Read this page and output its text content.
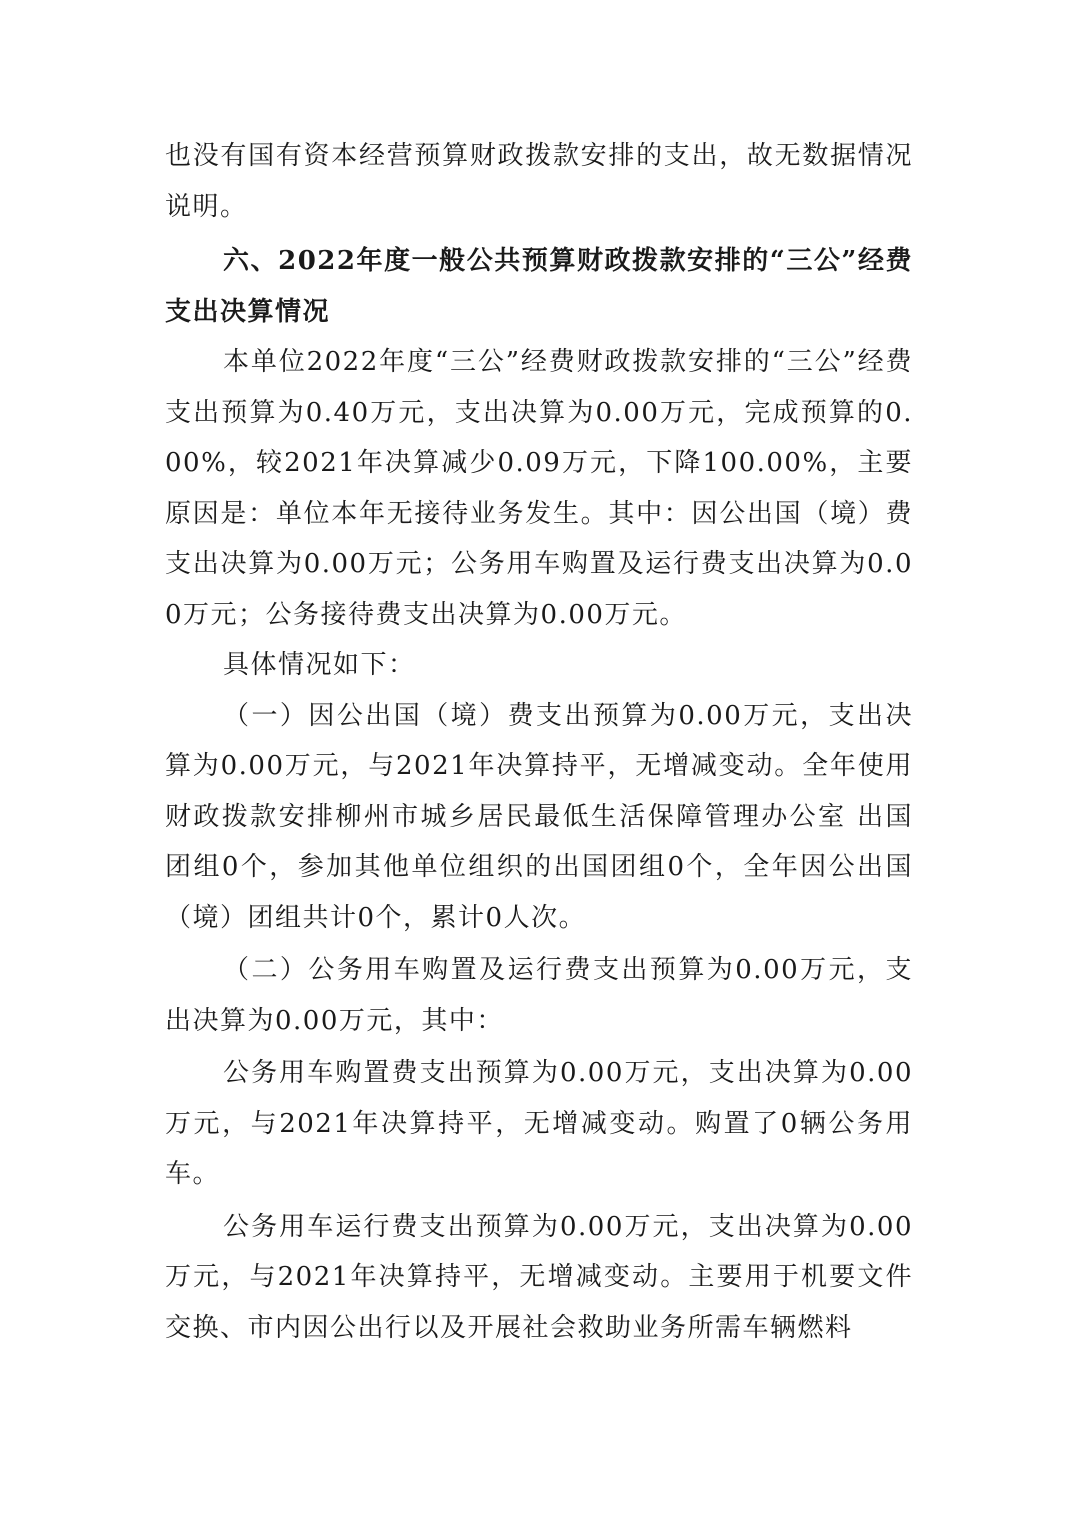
也没有国有资本经营预算财政拨款安排的支出，故无数据情况说明。

六、2022年度一般公共预算财政拨款安排的“三公”经费支出决算情况

本单位2022年度“三公”经费财政拨款安排的“三公”经费支出预算为0.40万元，支出决算为0.00万元，完成预算的0.00%，较2021年决算减少0.09万元，下降100.00%，主要原因是：单位本年无接待业务发生。其中：因公出国（境）费支出决算为0.00万元；公务用车购置及运行费支出决算为0.00万元；公务接待费支出决算为0.00万元。

具体情况如下：

（一）因公出国（境）费支出预算为0.00万元，支出决算为0.00万元，与2021年决算持平，无增减变动。全年使用财政拨款安排柳州市城乡居民最低生活保障管理办公室 出国团组0个，参加其他单位组织的出国团组0个，全年因公出国（境）团组共计0个，累计0人次。

（二）公务用车购置及运行费支出预算为0.00万元，支出决算为0.00万元，其中：

公务用车购置费支出预算为0.00万元，支出决算为0.00万元，与2021年决算持平，无增减变动。购置了0辆公务用车。

公务用车运行费支出预算为0.00万元，支出决算为0.00万元，与2021年决算持平，无增减变动。主要用于机要文件交换、市内因公出行以及开展社会救助业务所需车辆燃料
